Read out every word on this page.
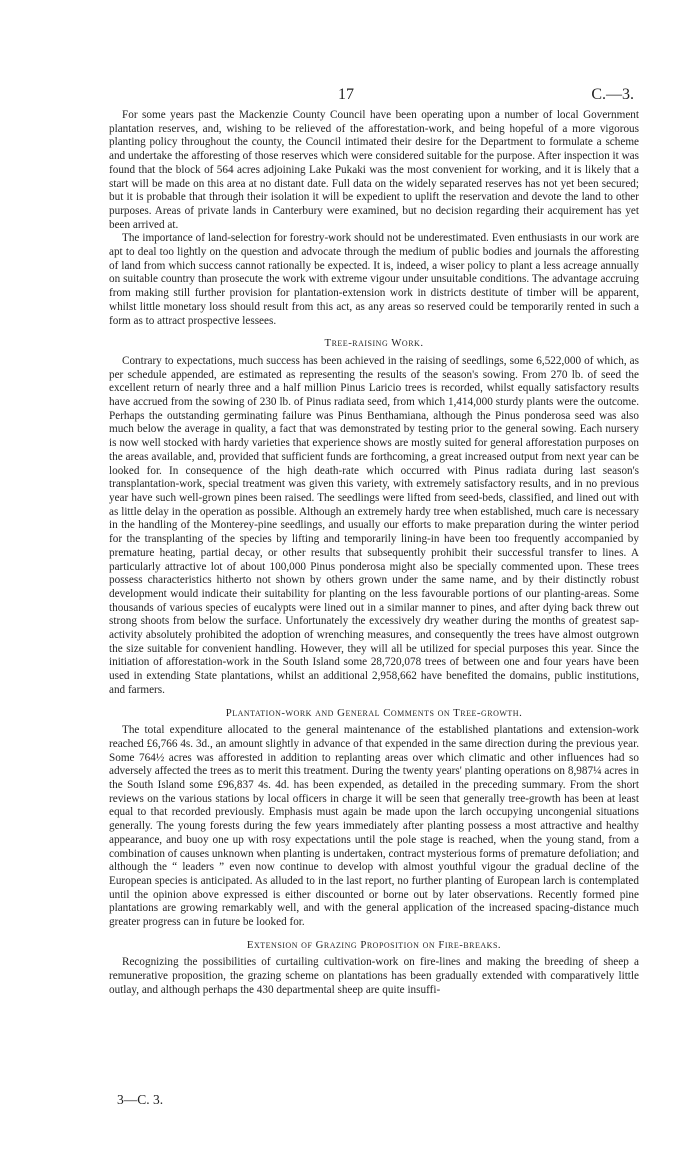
17	C.—3.

For some years past the Mackenzie County Council have been operating upon a number of local Government plantation reserves, and, wishing to be relieved of the afforestation-work, and being hopeful of a more vigorous planting policy throughout the county, the Council intimated their desire for the Department to formulate a scheme and undertake the afforesting of those reserves which were considered suitable for the purpose. After inspection it was found that the block of 564 acres adjoining Lake Pukaki was the most convenient for working, and it is likely that a start will be made on this area at no distant date. Full data on the widely separated reserves has not yet been secured; but it is probable that through their isolation it will be expedient to uplift the reservation and devote the land to other purposes. Areas of private lands in Canterbury were examined, but no decision regarding their acquirement has yet been arrived at.

The importance of land-selection for forestry-work should not be underestimated. Even enthusiasts in our work are apt to deal too lightly on the question and advocate through the medium of public bodies and journals the afforesting of land from which success cannot rationally be expected. It is, indeed, a wiser policy to plant a less acreage annually on suitable country than prosecute the work with extreme vigour under unsuitable conditions. The advantage accruing from making still further provision for plantation-extension work in districts destitute of timber will be apparent, whilst little monetary loss should result from this act, as any areas so reserved could be temporarily rented in such a form as to attract prospective lessees.

Tree-raising Work.

Contrary to expectations, much success has been achieved in the raising of seedlings, some 6,522,000 of which, as per schedule appended, are estimated as representing the results of the season's sowing. From 270 lb. of seed the excellent return of nearly three and a half million Pinus Laricio trees is recorded, whilst equally satisfactory results have accrued from the sowing of 230 lb. of Pinus radiata seed, from which 1,414,000 sturdy plants were the outcome. Perhaps the outstanding germinating failure was Pinus Benthamiana, although the Pinus ponderosa seed was also much below the average in quality, a fact that was demonstrated by testing prior to the general sowing. Each nursery is now well stocked with hardy varieties that experience shows are mostly suited for general afforestation purposes on the areas available, and, provided that sufficient funds are forthcoming, a great increased output from next year can be looked for. In consequence of the high death-rate which occurred with Pinus radiata during last season's transplantation-work, special treatment was given this variety, with extremely satisfactory results, and in no previous year have such well-grown pines been raised. The seedlings were lifted from seed-beds, classified, and lined out with as little delay in the operation as possible. Although an extremely hardy tree when established, much care is necessary in the handling of the Monterey-pine seedlings, and usually our efforts to make preparation during the winter period for the transplanting of the species by lifting and temporarily lining-in have been too frequently accompanied by premature heating, partial decay, or other results that subsequently prohibit their successful transfer to lines. A particularly attractive lot of about 100,000 Pinus ponderosa might also be specially commented upon. These trees possess characteristics hitherto not shown by others grown under the same name, and by their distinctly robust development would indicate their suitability for planting on the less favourable portions of our planting-areas. Some thousands of various species of eucalypts were lined out in a similar manner to pines, and after dying back threw out strong shoots from below the surface. Unfortunately the excessively dry weather during the months of greatest sap-activity absolutely prohibited the adoption of wrenching measures, and consequently the trees have almost outgrown the size suitable for convenient handling. However, they will all be utilized for special purposes this year. Since the initiation of afforestation-work in the South Island some 28,720,078 trees of between one and four years have been used in extending State plantations, whilst an additional 2,958,662 have benefited the domains, public institutions, and farmers.

Plantation-work and General Comments on Tree-growth.

The total expenditure allocated to the general maintenance of the established plantations and extension-work reached £6,766 4s. 3d., an amount slightly in advance of that expended in the same direction during the previous year. Some 764½ acres was afforested in addition to replanting areas over which climatic and other influences had so adversely affected the trees as to merit this treatment. During the twenty years' planting operations on 8,987¼ acres in the South Island some £96,837 4s. 4d. has been expended, as detailed in the preceding summary. From the short reviews on the various stations by local officers in charge it will be seen that generally tree-growth has been at least equal to that recorded previously. Emphasis must again be made upon the larch occupying uncongenial situations generally. The young forests during the few years immediately after planting possess a most attractive and healthy appearance, and buoy one up with rosy expectations until the pole stage is reached, when the young stand, from a combination of causes unknown when planting is undertaken, contract mysterious forms of premature defoliation; and although the “ leaders ” even now continue to develop with almost youthful vigour the gradual decline of the European species is anticipated. As alluded to in the last report, no further planting of European larch is contemplated until the opinion above expressed is either discounted or borne out by later observations. Recently formed pine plantations are growing remarkably well, and with the general application of the increased spacing-distance much greater progress can in future be looked for.

Extension of Grazing Proposition on Fire-breaks.

Recognizing the possibilities of curtailing cultivation-work on fire-lines and making the breeding of sheep a remunerative proposition, the grazing scheme on plantations has been gradually extended with comparatively little outlay, and although perhaps the 430 departmental sheep are quite insuffi-

3—C. 3.
